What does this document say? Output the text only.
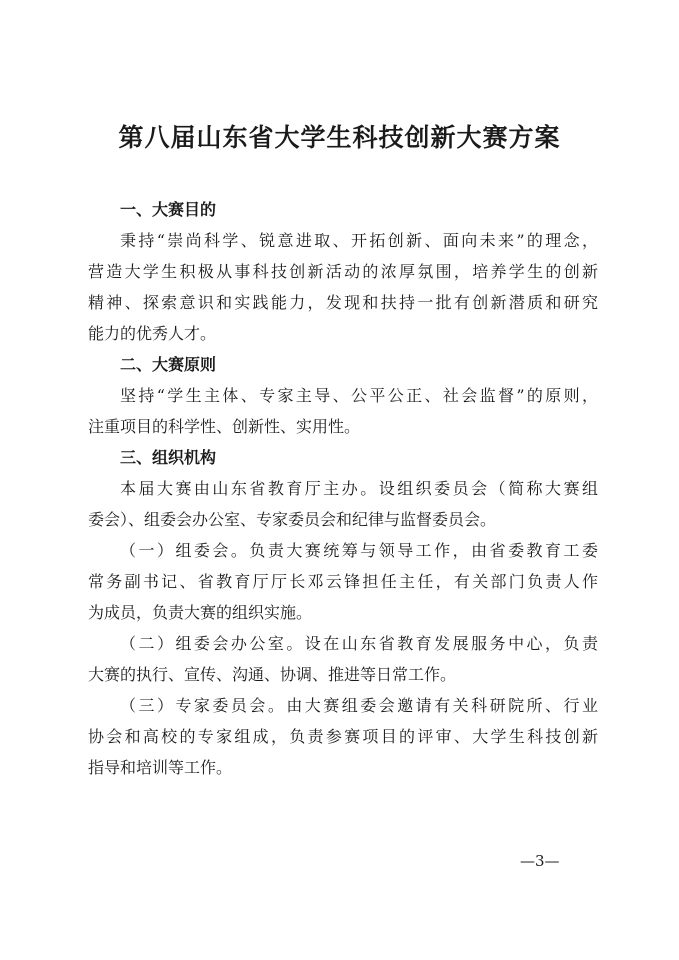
第八届山东省大学生科技创新大赛方案
一、大赛目的

秉持“崇尚科学、锐意进取、开拓创新、面向未来”的理念，
营造大学生积极从事科技创新活动的浓厚氛围，培养学生的创新
精神、探索意识和实践能力，发现和扶持一批有创新潜质和研究
能力的优秀人才。

二、大赛原则

坚持“学生主体、专家主导、公平公正、社会监督”的原则，
注重项目的科学性、创新性、实用性。

三、组织机构

本届大赛由山东省教育厅主办。设组织委员会（简称大赛组
委会）、组委会办公室、专家委员会和纪律与监督委员会。

（一）组委会。负责大赛统筹与领导工作，由省委教育工委
常务副书记、省教育厅厅长邓云锋担任主任，有关部门负责人作
为成员，负责大赛的组织实施。

（二）组委会办公室。设在山东省教育发展服务中心，负责
大赛的执行、宣传、沟通、协调、推进等日常工作。

（三）专家委员会。由大赛组委会邀请有关科研院所、行业
协会和高校的专家组成，负责参赛项目的评审、大学生科技创新
指导和培训等工作。

—3—
